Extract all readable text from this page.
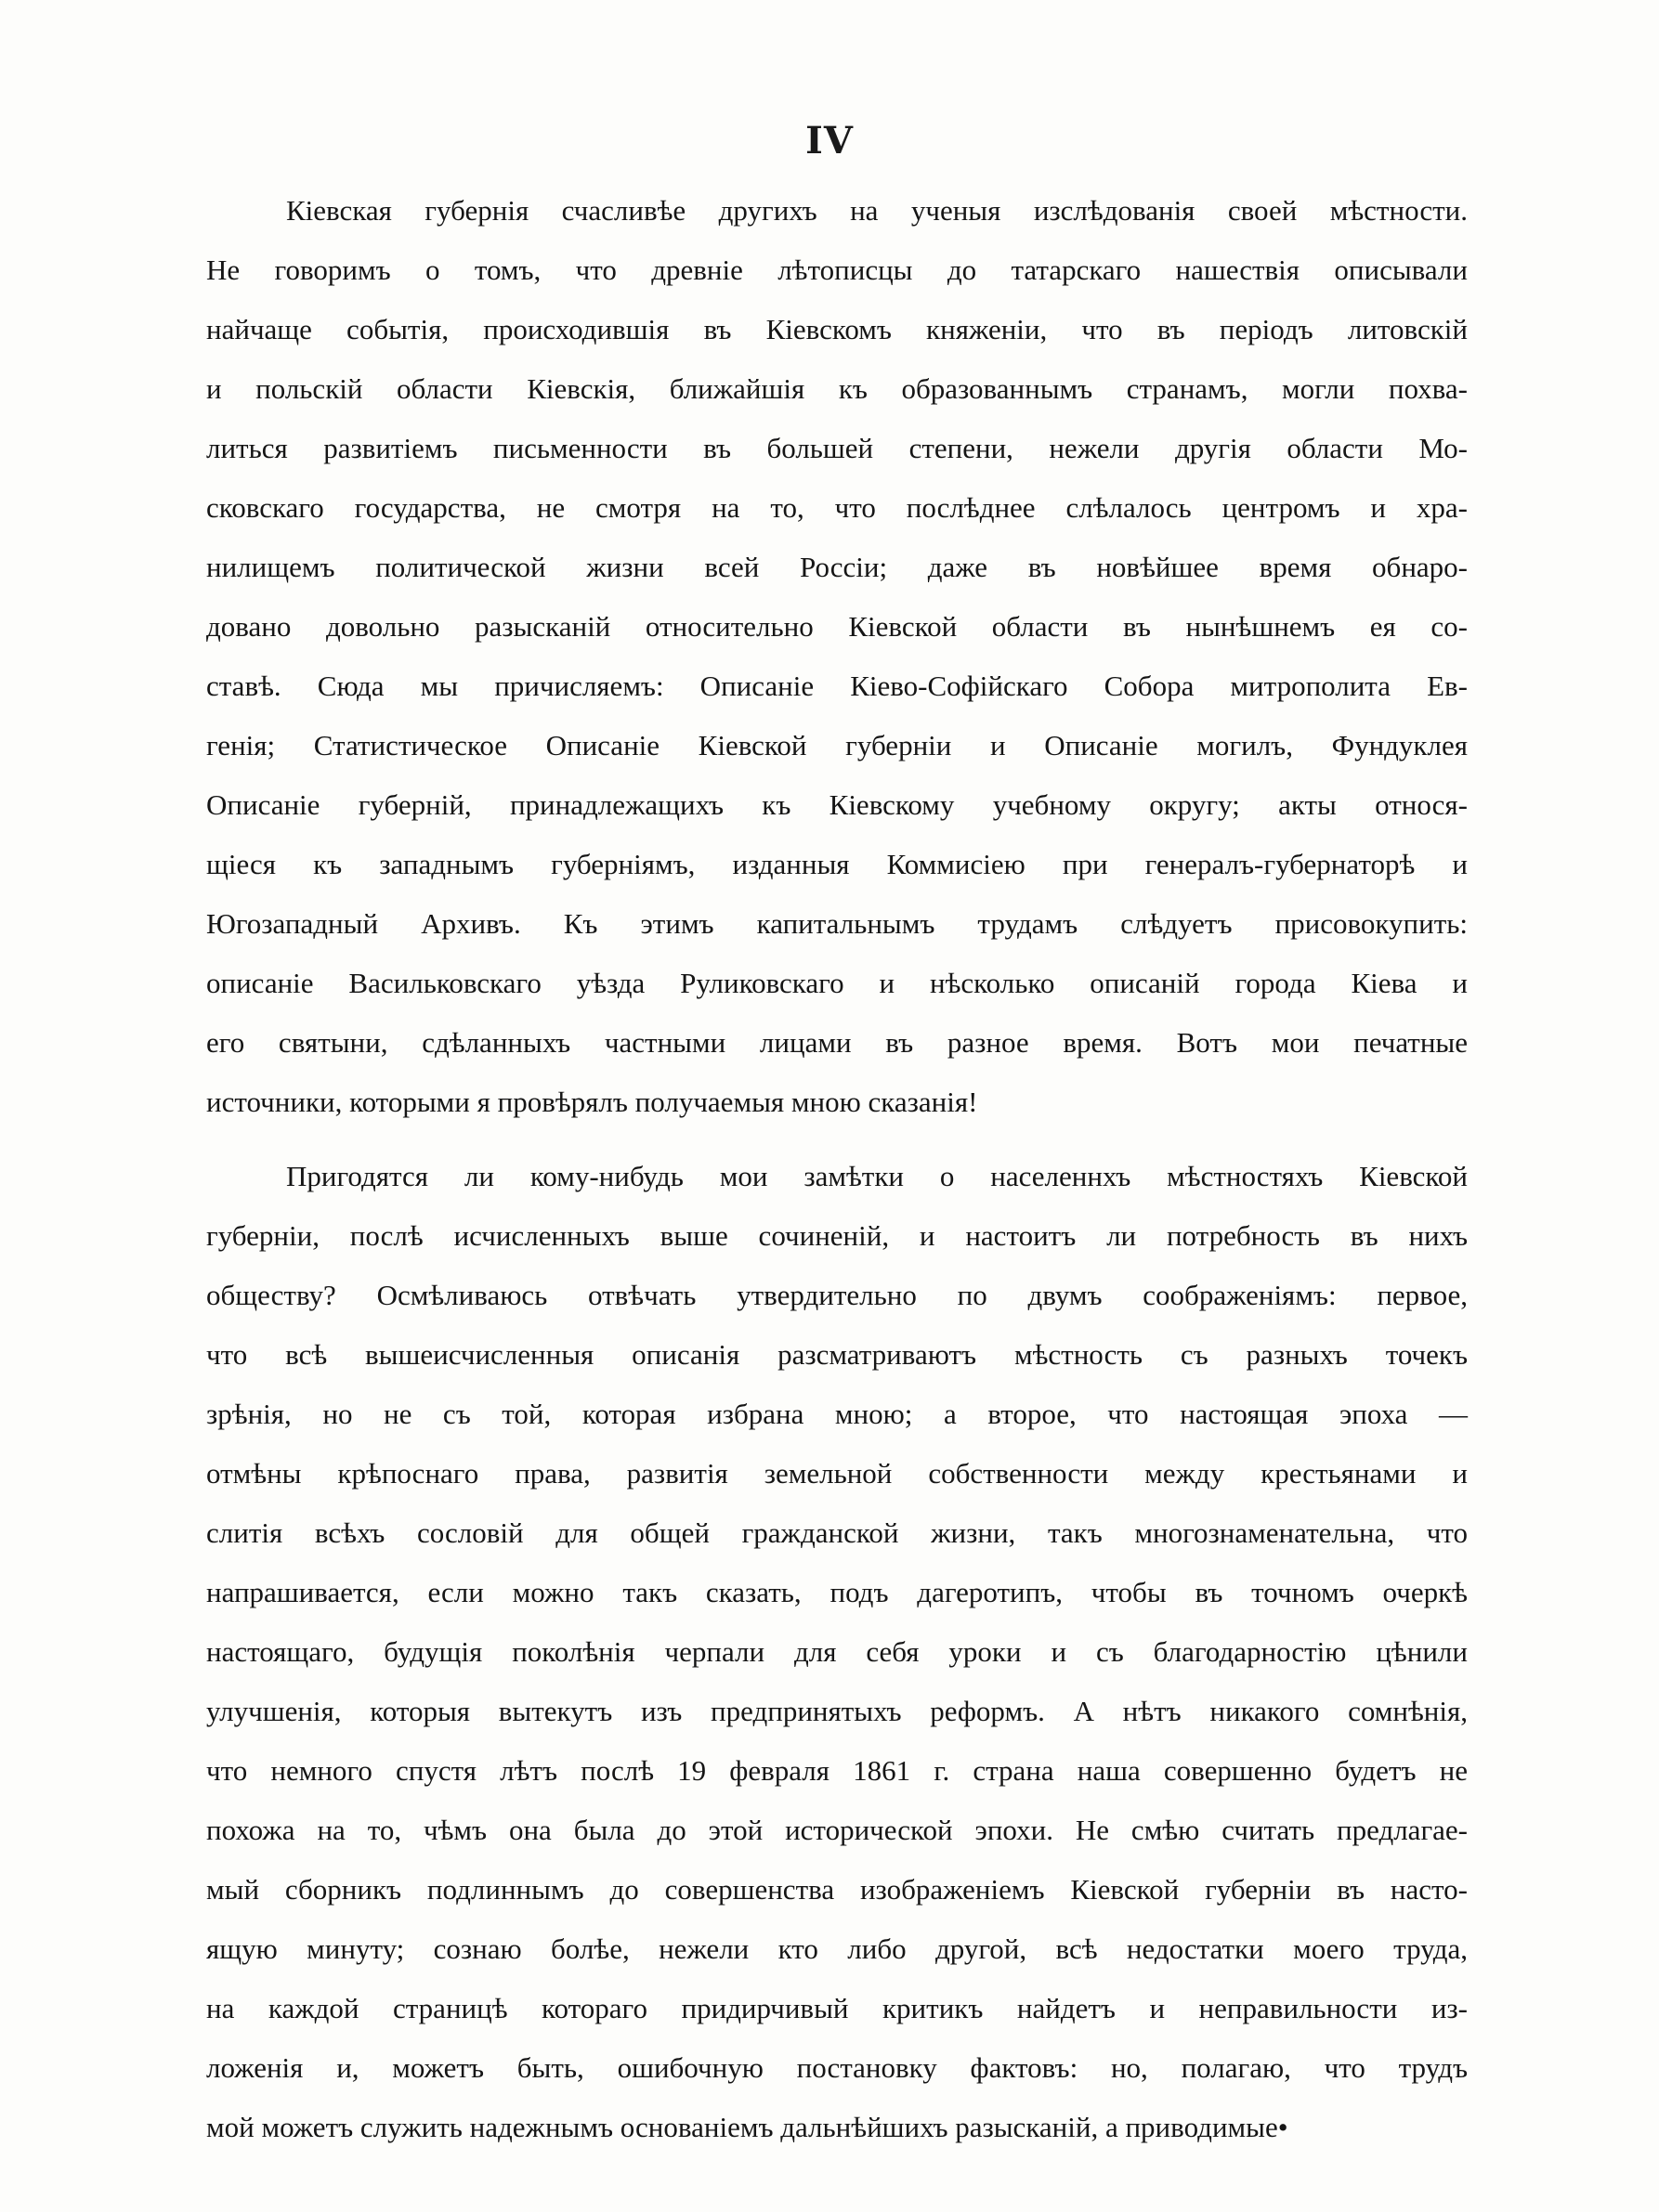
IV

Кіевская губернія счасливѣе другихъ на ученыя изслѣдованія своей мѣстности.
Не говоримъ о томъ, что древніе лѣтописцы до татарскаго нашествія описывали
найчаще событія, происходившія въ Кіевскомъ княженіи, что въ періодъ литовскій
и польскій области Кіевскія, ближайшія къ образованнымъ странамъ, могли похва-
литься развитіемъ письменности въ большей степени, нежели другія области Мо-
сковскаго государства, не смотря на то, что послѣднее слѣлалось центромъ и хра-
нилищемъ политической жизни всей Россіи; даже въ новѣйшее время обнаро-
довано довольно разысканій относительно Кіевской области въ нынѣшнемъ ея со-
ставѣ. Сюда мы причисляемъ: Описаніе Кіево-Софійскаго Собора митрополита Ев-
генія; Статистическое Описаніе Кіевской губерніи и Описаніе могилъ, Фундуклея
Описаніе губерній, принадлежащихъ къ Кіевскому учебному округу; акты относя-
щіеся къ западнымъ губерніямъ, изданныя Коммисіею при генералъ-губернаторѣ и
Югозападный Архивъ. Къ этимъ капитальнымъ трудамъ слѣдуетъ присовокупить:
описаніе Васильковскаго уѣзда Руликовскаго и нѣсколько описаній города Кіева и
его святыни, сдѣланныхъ частными лицами въ разное время. Вотъ мои печатные
источники, которыми я провѣрялъ получаемыя мною сказанія!

Пригодятся ли кому-нибудь мои замѣтки о населеннхъ мѣстностяхъ Кіевской
губерніи, послѣ исчисленныхъ выше сочиненій, и настоитъ ли потребность въ нихъ
обществу? Осмѣливаюсь отвѣчать утвердительно по двумъ соображеніямъ: первое,
что всѣ вышеисчисленныя описанія разсматриваютъ мѣстность съ разныхъ точекъ
зрѣнія, но не съ той, которая избрана мною; а второе, что настоящая эпоха —
отмѣны крѣпоснаго права, развитія земельной собственности между крестьянами и
слитія всѣхъ сословій для общей гражданской жизни, такъ многознаменательна, что
напрашивается, если можно такъ сказать, подъ дагеротипъ, чтобы въ точномъ очеркѣ
настоящаго, будущія поколѣнія черпали для себя уроки и съ благодарностію цѣнили
улучшенія, которыя вытекутъ изъ предпринятыхъ реформъ. А нѣтъ никакого сомнѣнія,
что немного спустя лѣтъ послѣ 19 февраля 1861 г. страна наша совершенно будетъ не
похожа на то, чѣмъ она была до этой исторической эпохи. Не смѣю считать предлагае-
мый сборникъ подлиннымъ до совершенства изображеніемъ Кіевской губерніи въ насто-
ящую минуту; сознаю болѣе, нежели кто либо другой, всѣ недостатки моего труда,
на каждой страницѣ котораго придирчивый критикъ найдетъ и неправильности из-
ложенія и, можетъ быть, ошибочную постановку фактовъ: но, полагаю, что трудъ
мой можетъ служить надежнымъ основаніемъ дальнѣйшихъ разысканій, а приводимые•
